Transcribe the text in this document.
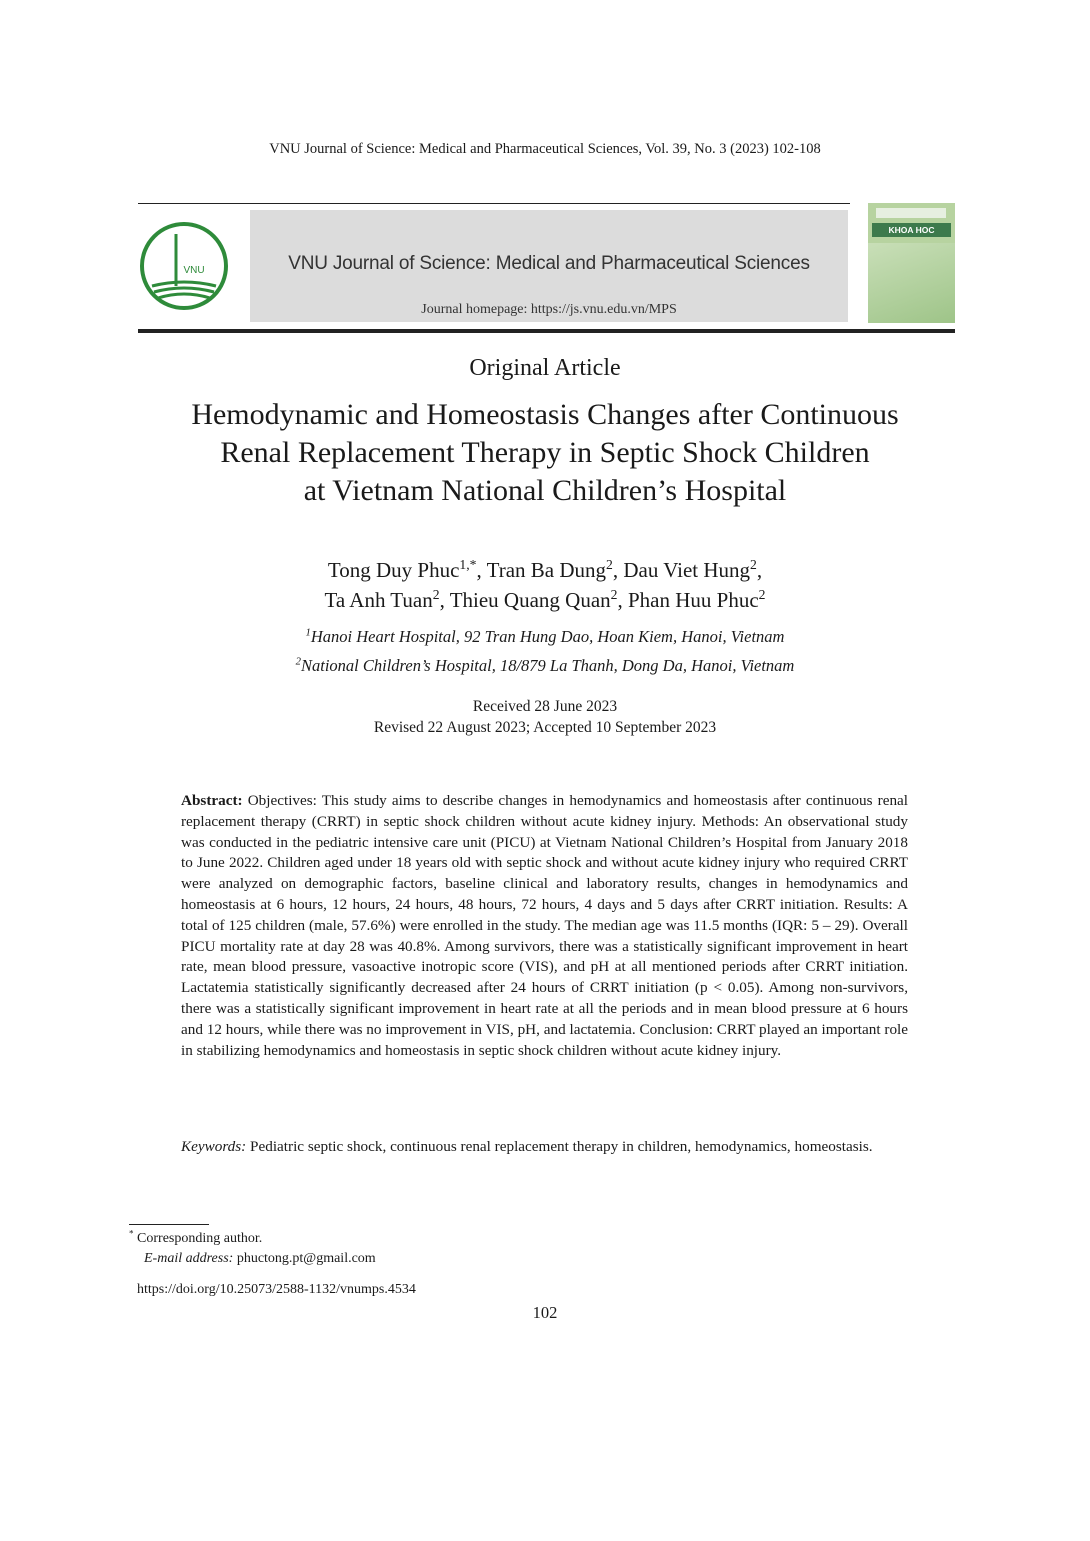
VNU Journal of Science: Medical and Pharmaceutical Sciences, Vol. 39, No. 3 (2023) 102-108
VNU	VNU Journal of Science: Medical and Pharmaceutical Sciences
Journal homepage: https://js.vnu.edu.vn/MPS
KHOA HOC
Original Article
Hemodynamic and Homeostasis Changes after Continuous
Renal Replacement Therapy in Septic Shock Children
at Vietnam National Children’s Hospital
Tong Duy Phuc$^{1,*}$, Tran Ba Dung$^2$, Dau Viet Hung$^2$,
Ta Anh Tuan$^2$, Thieu Quang Quan$^2$, Phan Huu Phuc$^2$
$^1$Hanoi Heart Hospital, 92 Tran Hung Dao, Hoan Kiem, Hanoi, Vietnam
$^2$National Children’s Hospital, 18/879 La Thanh, Dong Da, Hanoi, Vietnam
Received 28 June 2023
Revised 22 August 2023; Accepted 10 September 2023
Abstract: Objectives: This study aims to describe changes in hemodynamics and homeostasis after continuous renal replacement therapy (CRRT) in septic shock children without acute kidney injury. Methods: An observational study was conducted in the pediatric intensive care unit (PICU) at Vietnam National Children’s Hospital from January 2018 to June 2022. Children aged under 18 years old with septic shock and without acute kidney injury who required CRRT were analyzed on demographic factors, baseline clinical and laboratory results, changes in hemodynamics and homeostasis at 6 hours, 12 hours, 24 hours, 48 hours, 72 hours, 4 days and 5 days after CRRT initiation. Results: A total of 125 children (male, 57.6%) were enrolled in the study. The median age was 11.5 months (IQR: 5 – 29). Overall PICU mortality rate at day 28 was 40.8%. Among survivors, there was a statistically significant improvement in heart rate, mean blood pressure, vasoactive inotropic score (VIS), and pH at all mentioned periods after CRRT initiation. Lactatemia statistically significantly decreased after 24 hours of CRRT initiation (p < 0.05). Among non-survivors, there was a statistically significant improvement in heart rate at all the periods and in mean blood pressure at 6 hours and 12 hours, while there was no improvement in VIS, pH, and lactatemia. Conclusion: CRRT played an important role in stabilizing hemodynamics and homeostasis in septic shock children without acute kidney injury.
Keywords: Pediatric septic shock, continuous renal replacement therapy in children, hemodynamics, homeostasis.
* Corresponding author.
E-mail address: phuctong.pt@gmail.com
https://doi.org/10.25073/2588-1132/vnumps.4534
102
